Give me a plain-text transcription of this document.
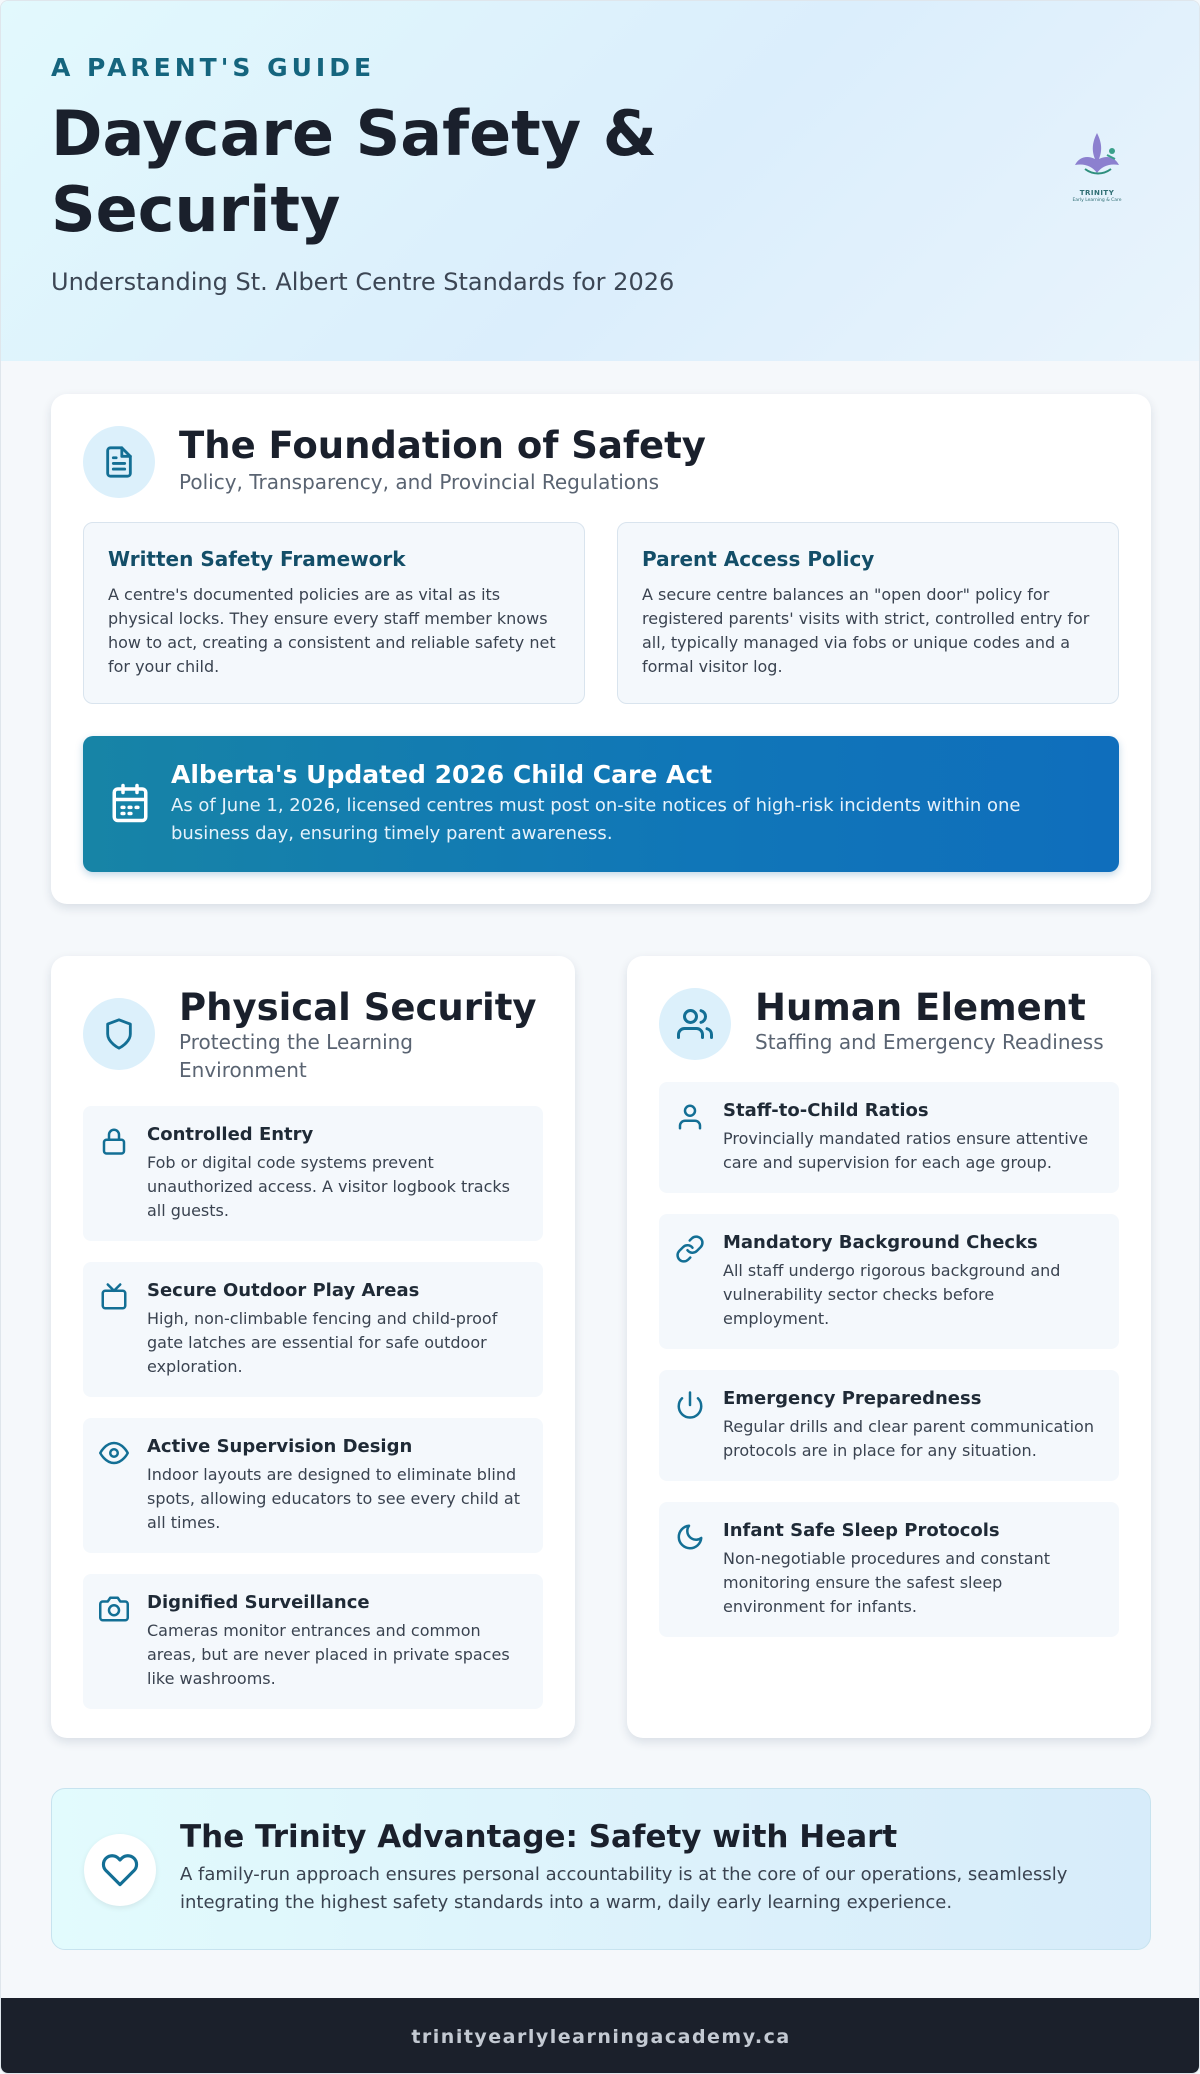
A PARENT'S GUIDE
Daycare Safety & Security
Understanding St. Albert Centre Standards for 2026
TRINITY
Early Learning & Care
The Foundation of Safety
Policy, Transparency, and Provincial Regulations
Written Safety Framework

A centre's documented policies are as vital as its physical locks. They ensure every staff member knows how to act, creating a consistent and reliable safety net for your child.

Parent Access Policy

A secure centre balances an "open door" policy for registered parents' visits with strict, controlled entry for all, typically managed via fobs or unique codes and a formal visitor log.

Alberta's Updated 2026 Child Care Act

As of June 1, 2026, licensed centres must post on-site notices of high-risk incidents within one business day, ensuring timely parent awareness.

Physical Security
Protecting the Learning Environment
Controlled Entry

Fob or digital code systems prevent unauthorized access. A visitor logbook tracks all guests.

Secure Outdoor Play Areas

High, non-climbable fencing and child-proof gate latches are essential for safe outdoor exploration.

Active Supervision Design

Indoor layouts are designed to eliminate blind spots, allowing educators to see every child at all times.

Dignified Surveillance

Cameras monitor entrances and common areas, but are never placed in private spaces like washrooms.

Human Element
Staffing and Emergency Readiness
Staff-to-Child Ratios

Provincially mandated ratios ensure attentive care and supervision for each age group.

Mandatory Background Checks

All staff undergo rigorous background and vulnerability sector checks before employment.

Emergency Preparedness

Regular drills and clear parent communication protocols are in place for any situation.

Infant Safe Sleep Protocols

Non-negotiable procedures and constant monitoring ensure the safest sleep environment for infants.

The Trinity Advantage: Safety with Heart

A family-run approach ensures personal accountability is at the core of our operations, seamlessly integrating the highest safety standards into a warm, daily early learning experience.

trinityearlylearningacademy.ca
